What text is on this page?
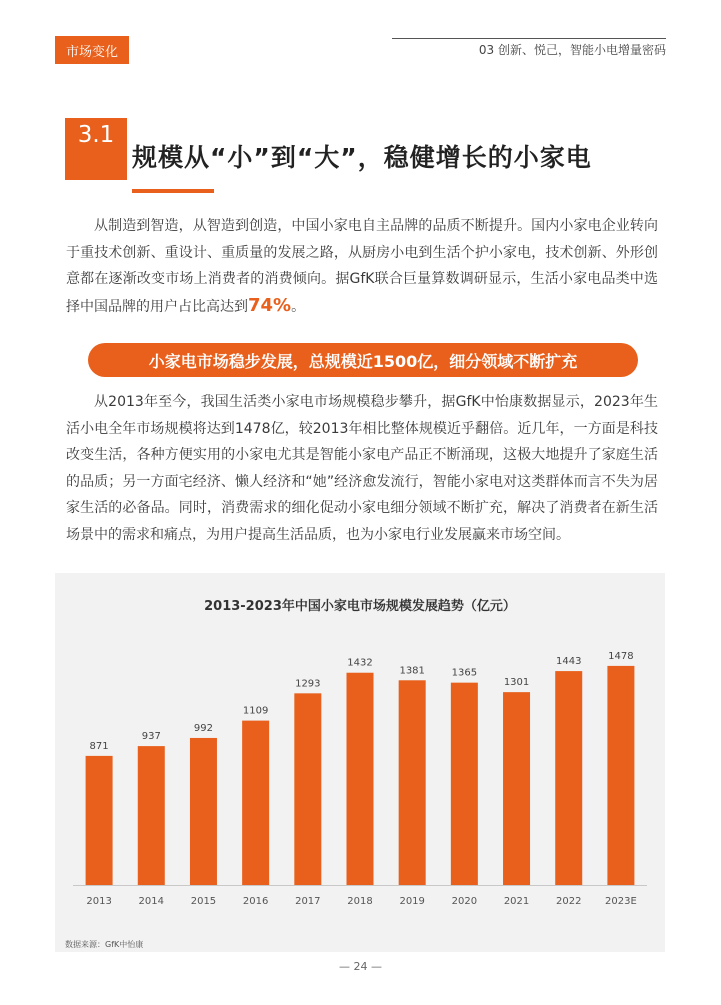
市场变化	03 创新、悦己，智能小电增量密码
3.1
规模从“小”到“大”，稳健增长的小家电

从制造到智造，从智造到创造，中国小家电自主品牌的品质不断提升。国内小家电企业转向于重技术创新、重设计、重质量的发展之路，从厨房小电到生活个护小家电，技术创新、外形创意都在逐渐改变市场上消费者的消费倾向。据GfK联合巨量算数调研显示，生活小家电品类中选择中国品牌的用户占比高达到74%。

小家电市场稳步发展，总规模近1500亿，细分领域不断扩充

从2013年至今，我国生活类小家电市场规模稳步攀升，据GfK中怡康数据显示，2023年生活小电全年市场规模将达到1478亿，较2013年相比整体规模近乎翻倍。近几年，一方面是科技改变生活，各种方便实用的小家电尤其是智能小家电产品正不断涌现，这极大地提升了家庭生活的品质；另一方面宅经济、懒人经济和“她”经济愈发流行，智能小家电对这类群体而言不失为居家生活的必备品。同时，消费需求的细化促动小家电细分领域不断扩充，解决了消费者在新生活场景中的需求和痛点，为用户提高生活品质，也为小家电行业发展赢来市场空间。

2013-2023年中国小家电市场规模发展趋势（亿元）
871
2013
937
2014
992
2015
1109
2016
1293
2017
1432
2018
1381
2019
1365
2020
1301
2021
1443
2022
1478
2023E
数据来源：GfK中怡康
— 24 —
